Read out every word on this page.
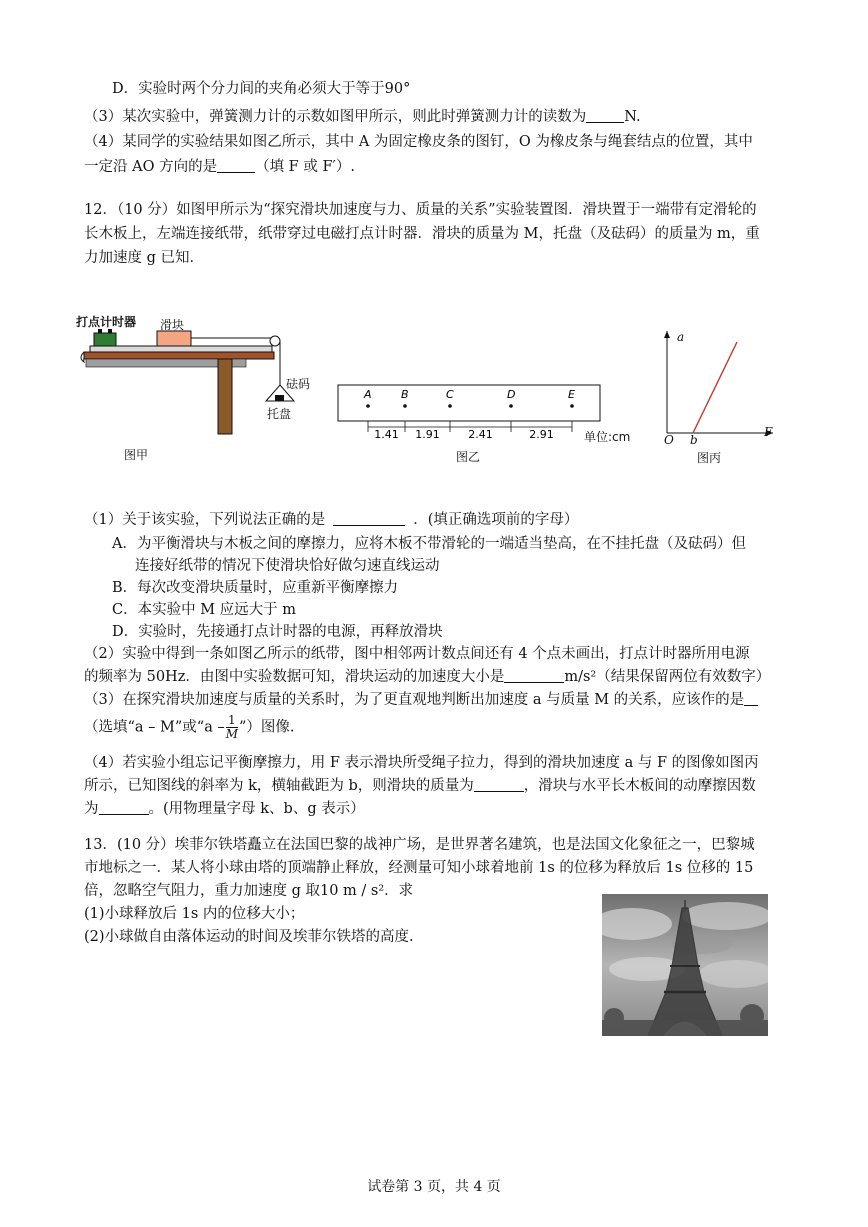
D．实验时两个分力间的夹角必须大于等于90°
（3）某次实验中，弹簧测力计的示数如图甲所示，则此时弹簧测力计的读数为	N.
（4）某同学的实验结果如图乙所示，其中 A 为固定橡皮条的图钉，O 为橡皮条与绳套结点的位置，其中
一定沿 AO 方向的是	（填 F 或 F′）.
12．（10 分）如图甲所示为“探究滑块加速度与力、质量的关系”实验装置图．滑块置于一端带有定滑轮的
长木板上，左端连接纸带，纸带穿过电磁打点计时器．滑块的质量为 M，托盘（及砝码）的质量为 m，重
力加速度 g 已知．
打点计时器 滑块
砝码
托盘
图甲
A	B	C	D	E
1.41 1.91	2.41	2.91	单位:cm
图乙
a
F
O b
图丙
（1）关于该实验，下列说法正确的是	．(填正确选项前的字母）
A．为平衡滑块与木板之间的摩擦力，应将木板不带滑轮的一端适当垫高，在不挂托盘（及砝码）但
连接好纸带的情况下使滑块恰好做匀速直线运动
B．每次改变滑块质量时，应重新平衡摩擦力
C．本实验中 M 应远大于 m
D．实验时，先接通打点计时器的电源，再释放滑块
（2）实验中得到一条如图乙所示的纸带，图中相邻两计数点间还有 4 个点未画出，打点计时器所用电源
的频率为 50Hz．由图中实验数据可知，滑块运动的加速度大小是	m/s²（结果保留两位有效数字）
（3）在探究滑块加速度与质量的关系时，为了更直观地判断出加速度 a 与质量 M 的关系，应该作的是
（选填“a – M”或“a – $\frac{1}{M}$ ”）图像.
（4）若实验小组忘记平衡摩擦力，用 F 表示滑块所受绳子拉力，得到的滑块加速度 a 与 F 的图像如图丙
所示，已知图线的斜率为 k，横轴截距为 b，则滑块的质量为	，滑块与水平长木板间的动摩擦因数
为	。(用物理量字母 k、b、g 表示）
13．(10 分）埃菲尔铁塔矗立在法国巴黎的战神广场，是世界著名建筑，也是法国文化象征之一，巴黎城
市地标之一．某人将小球由塔的顶端静止释放，经测量可知小球着地前 1s 的位移为释放后 1s 位移的 15
倍，忽略空气阻力，重力加速度 g 取10 m / s²．求
(1)小球释放后 1s 内的位移大小；
(2)小球做自由落体运动的时间及埃菲尔铁塔的高度.
试卷第 3 页，共 4 页
